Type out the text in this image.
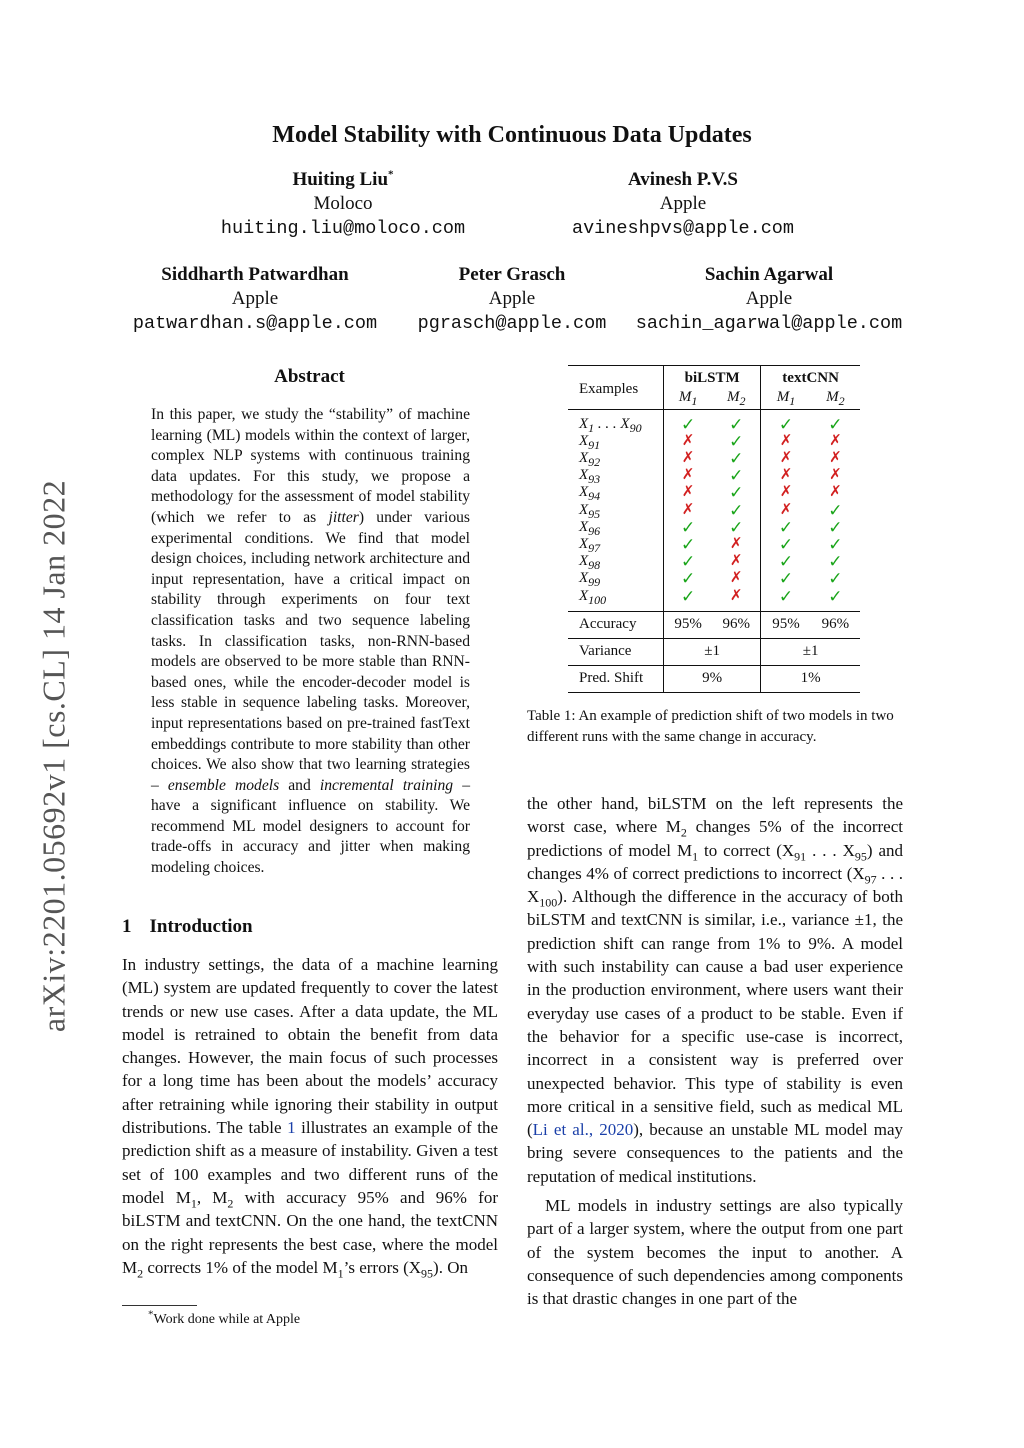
arXiv:2201.05692v1 [cs.CL] 14 Jan 2022
Model Stability with Continuous Data Updates
Huiting Liu*
Moloco
huiting.liu@moloco.com
Avinesh P.V.S
Apple
avineshpvs@apple.com
Siddharth Patwardhan
Apple
patwardhan.s@apple.com
Peter Grasch
Apple
pgrasch@apple.com
Sachin Agarwal
Apple
sachin_agarwal@apple.com
Abstract
In this paper, we study the “stability” of machine learning (ML) models within the context of larger, complex NLP systems with continuous training data updates. For this study, we propose a methodology for the assessment of model stability (which we refer to as jitter) under various experimental conditions. We find that model design choices, including network architecture and input representation, have a critical impact on stability through experiments on four text classification tasks and two sequence labeling tasks. In classification tasks, non-RNN-based models are observed to be more stable than RNN-based ones, while the encoder-decoder model is less stable in sequence labeling tasks. Moreover, input representations based on pre-trained fastText embeddings contribute to more stability than other choices. We also show that two learning strategies – ensemble models and incremental training – have a significant influence on stability. We recommend ML model designers to account for trade-offs in accuracy and jitter when making modeling choices.
1 Introduction
In industry settings, the data of a machine learning (ML) system are updated frequently to cover the latest trends or new use cases. After a data update, the ML model is retrained to obtain the benefit from data changes. However, the main focus of such processes for a long time has been about the models’ accuracy after retraining while ignoring their stability in output distributions. The table 1 illustrates an example of the prediction shift as a measure of instability. Given a test set of 100 examples and two different runs of the model $M_1$, $M_2$ with accuracy 95% and 96% for biLSTM and textCNN. On the one hand, the textCNN on the right represents the best case, where the model $M_2$ corrects 1% of the model $M_1’s$ errors $(X_{95})$. On
*Work done while at Apple
Examples	biLSTM		textCNN	
	$M_1$	$M_2$	$M_1$	$M_2$
$X_1$ . . . $X_{90}$	✓	✓	✓	✓
$X_{91}$	✗	✓	✗	✗
$X_{92}$	✗	✓	✗	✗
$X_{93}$	✗	✓	✗	✗
$X_{94}$	✗	✓	✗	✗
$X_{95}$	✗	✓	✗	✓
$X_{96}$	✓	✓	✓	✓
$X_{97}$	✓	✗	✓	✓
$X_{98}$	✓	✗	✓	✓
$X_{99}$	✓	✗	✓	✓
$X_{100}$	✓	✗	✓	✓
Accuracy	95%	96%	95%	96%
Variance	±1		±1	
Pred. Shift	9%		1%	
Table 1: An example of prediction shift of two models in two different runs with the same change in accuracy.

the other hand, biLSTM on the left represents the worst case, where $M_2$ changes 5% of the incorrect predictions of model $M_1$ to correct ($X_{91}$ . . . $X_{95}$) and changes 4% of correct predictions to incorrect ($X_{97}$ . . . $X_{100}$). Although the difference in the accuracy of both biLSTM and textCNN is similar, i.e., variance ±1, the prediction shift can range from 1% to 9%. A model with such instability can cause a bad user experience in the production environment, where users want their everyday use cases of a product to be stable. Even if the behavior for a specific use-case is incorrect, incorrect in a consistent way is preferred over unexpected behavior. This type of stability is even more critical in a sensitive field, such as medical ML (Li et al., 2020), because an unstable ML model may bring severe consequences to the patients and the reputation of medical institutions.

ML models in industry settings are also typically part of a larger system, where the output from one part of the system becomes the input to another. A consequence of such dependencies among components is that drastic changes in one part of the
